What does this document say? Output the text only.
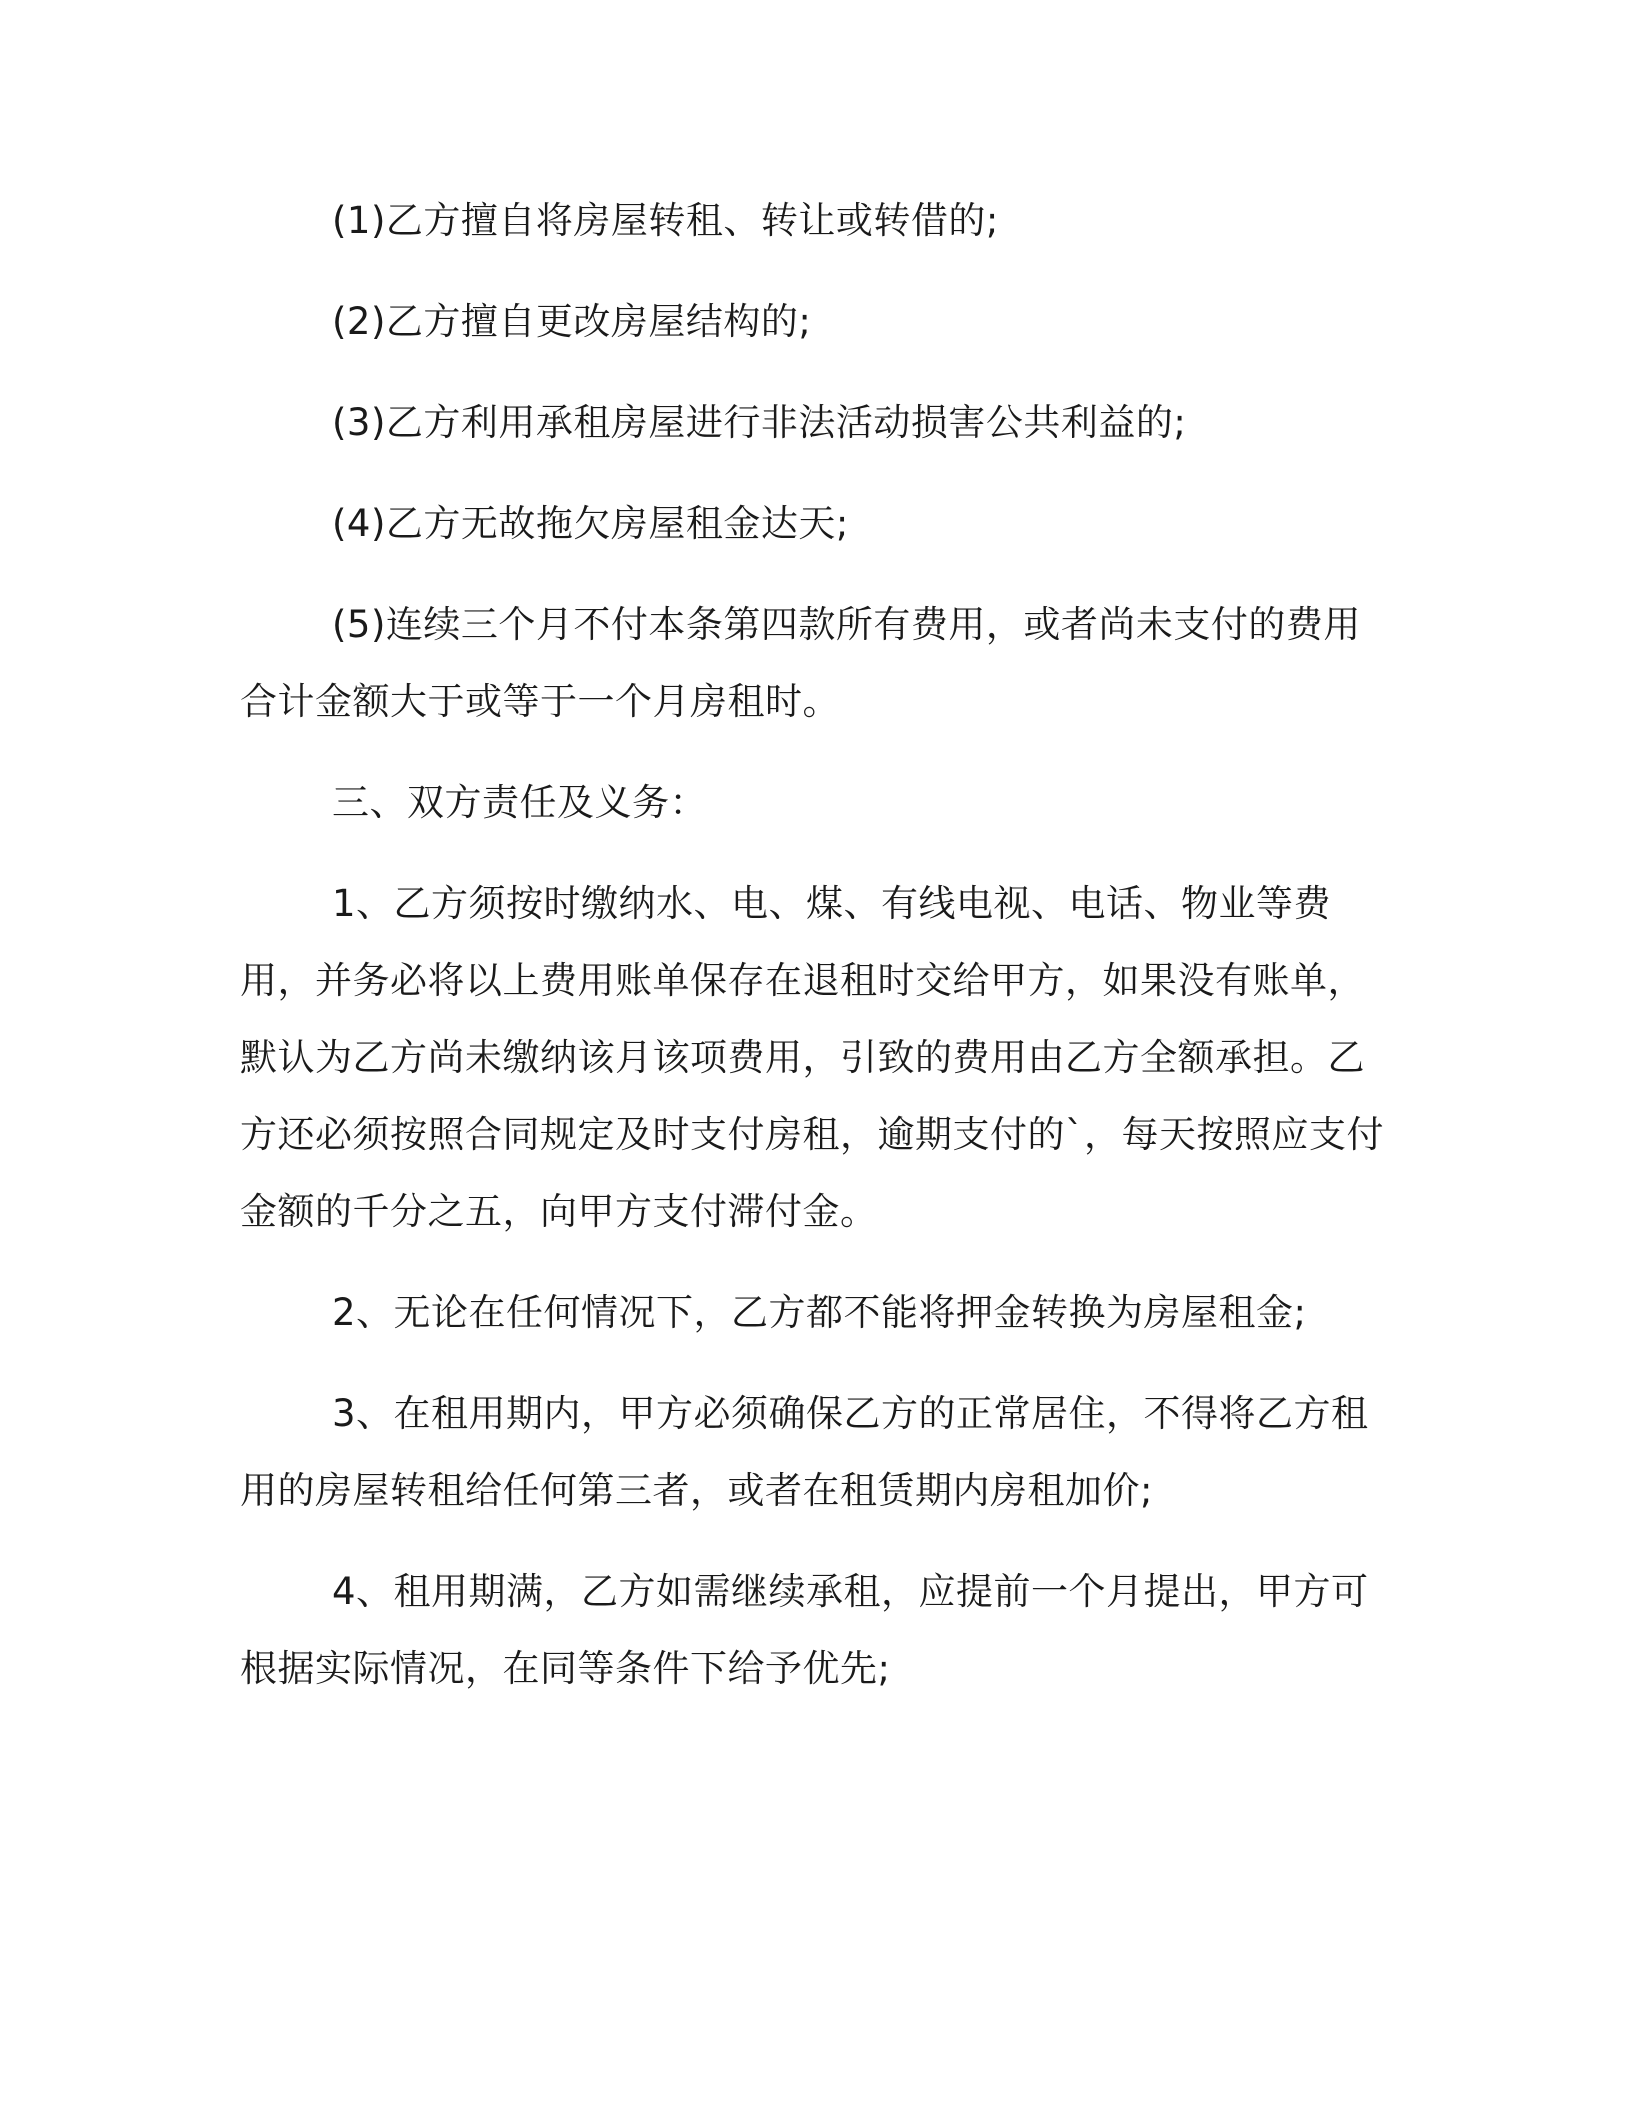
(1)乙方擅自将房屋转租、转让或转借的;

(2)乙方擅自更改房屋结构的;

(3)乙方利用承租房屋进行非法活动损害公共利益的;

(4)乙方无故拖欠房屋租金达天;

(5)连续三个月不付本条第四款所有费用，或者尚未支付的费用合计金额大于或等于一个月房租时。

三、双方责任及义务：

1、乙方须按时缴纳水、电、煤、有线电视、电话、物业等费用，并务必将以上费用账单保存在退租时交给甲方，如果没有账单，默认为乙方尚未缴纳该月该项费用，引致的费用由乙方全额承担。乙方还必须按照合同规定及时支付房租，逾期支付的`，每天按照应支付金额的千分之五，向甲方支付滞付金。

2、无论在任何情况下，乙方都不能将押金转换为房屋租金;

3、在租用期内，甲方必须确保乙方的正常居住，不得将乙方租用的房屋转租给任何第三者，或者在租赁期内房租加价;

4、租用期满，乙方如需继续承租，应提前一个月提出，甲方可根据实际情况，在同等条件下给予优先;
